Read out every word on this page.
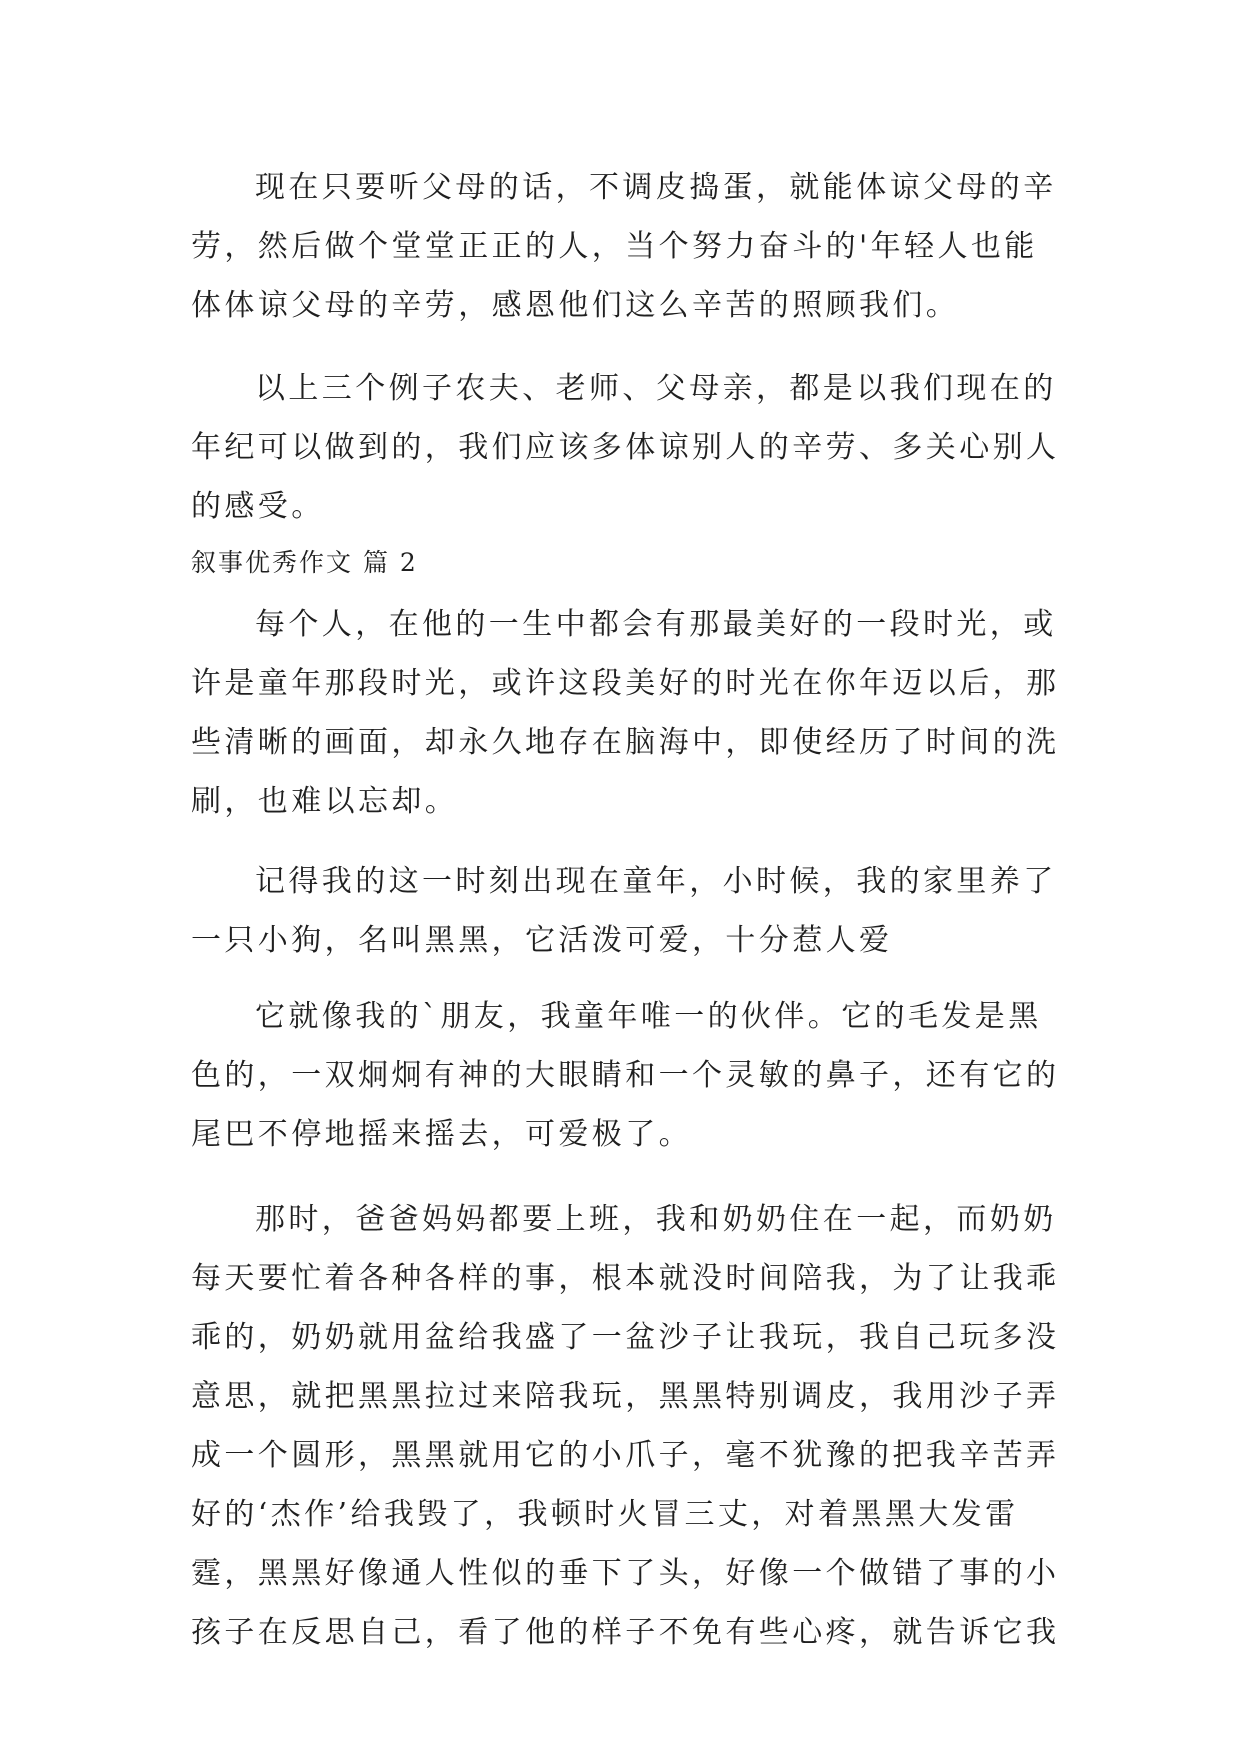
现在只要听父母的话，不调皮捣蛋，就能体谅父母的辛
劳，然后做个堂堂正正的人，当个努力奋斗的'年轻人也能
体体谅父母的辛劳，感恩他们这么辛苦的照顾我们。
以上三个例子农夫、老师、父母亲，都是以我们现在的
年纪可以做到的，我们应该多体谅别人的辛劳、多关心别人
的感受。
叙事优秀作文 篇 2
每个人，在他的一生中都会有那最美好的一段时光，或
许是童年那段时光，或许这段美好的时光在你年迈以后，那
些清晰的画面，却永久地存在脑海中，即使经历了时间的洗
刷，也难以忘却。
记得我的这一时刻出现在童年，小时候，我的家里养了
一只小狗，名叫黑黑，它活泼可爱，十分惹人爱
它就像我的`朋友，我童年唯一的伙伴。它的毛发是黑
色的，一双炯炯有神的大眼睛和一个灵敏的鼻子，还有它的
尾巴不停地摇来摇去，可爱极了。
那时，爸爸妈妈都要上班，我和奶奶住在一起，而奶奶
每天要忙着各种各样的事，根本就没时间陪我，为了让我乖
乖的，奶奶就用盆给我盛了一盆沙子让我玩，我自己玩多没
意思，就把黑黑拉过来陪我玩，黑黑特别调皮，我用沙子弄
成一个圆形，黑黑就用它的小爪子，毫不犹豫的把我辛苦弄
好的‘杰作’给我毁了，我顿时火冒三丈，对着黑黑大发雷
霆，黑黑好像通人性似的垂下了头，好像一个做错了事的小
孩子在反思自己，看了他的样子不免有些心疼，就告诉它我
